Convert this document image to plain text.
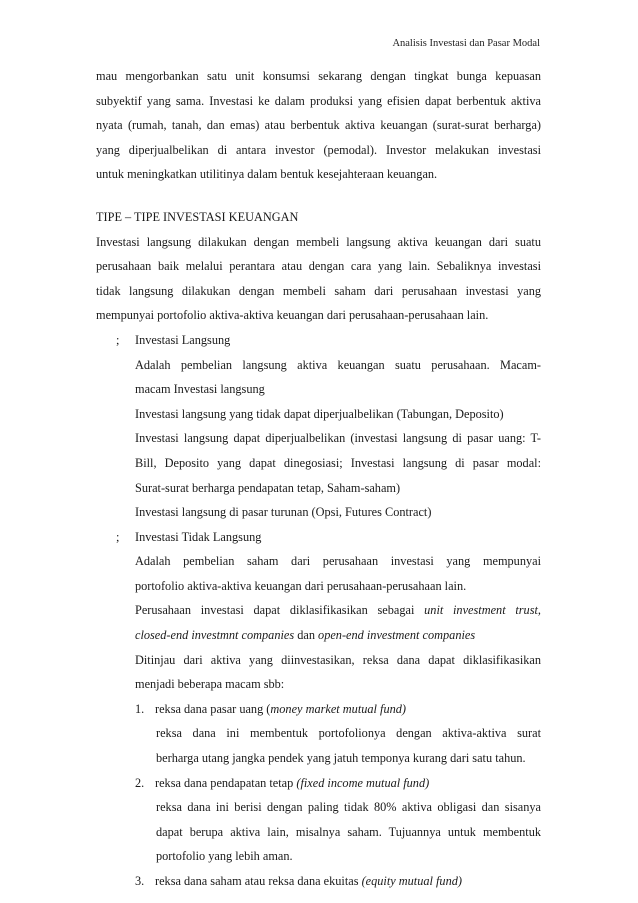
Analisis Investasi dan Pasar Modal
mau mengorbankan satu unit konsumsi sekarang dengan tingkat bunga kepuasan
subyektif yang sama. Investasi ke dalam produksi yang efisien dapat berbentuk aktiva
nyata (rumah, tanah, dan emas) atau berbentuk aktiva keuangan (surat-surat berharga)
yang diperjualbelikan di antara investor (pemodal). Investor melakukan investasi
untuk meningkatkan utilitinya dalam bentuk kesejahteraan keuangan.
TIPE – TIPE INVESTASI KEUANGAN
Investasi langsung dilakukan dengan membeli langsung aktiva keuangan dari suatu
perusahaan baik melalui perantara atau dengan cara yang lain. Sebaliknya investasi
tidak langsung dilakukan dengan membeli saham dari perusahaan investasi yang
mempunyai portofolio aktiva-aktiva keuangan dari perusahaan-perusahaan lain.
;	Investasi Langsung
Adalah pembelian langsung aktiva keuangan suatu perusahaan. Macam-
macam Investasi langsung
Investasi langsung yang tidak dapat diperjualbelikan (Tabungan, Deposito)
Investasi langsung dapat diperjualbelikan (investasi langsung di pasar uang: T-
Bill, Deposito yang dapat dinegosiasi; Investasi langsung di pasar modal:
Surat-surat berharga pendapatan tetap, Saham-saham)
Investasi langsung di pasar turunan (Opsi, Futures Contract)
;	Investasi Tidak Langsung
Adalah pembelian saham dari perusahaan investasi yang mempunyai
portofolio aktiva-aktiva keuangan dari perusahaan-perusahaan lain.
Perusahaan investasi dapat diklasifikasikan sebagai unit investment trust,
closed-end investmnt companies dan open-end investment companies
Ditinjau dari aktiva yang diinvestasikan, reksa dana dapat diklasifikasikan
menjadi beberapa macam sbb:
1. reksa dana pasar uang (money market mutual fund)
reksa dana ini membentuk portofolionya dengan aktiva-aktiva surat
berharga utang jangka pendek yang jatuh temponya kurang dari satu tahun.
2. reksa dana pendapatan tetap (fixed income mutual fund)
reksa dana ini berisi dengan paling tidak 80% aktiva obligasi dan sisanya
dapat berupa aktiva lain, misalnya saham. Tujuannya untuk membentuk
portofolio yang lebih aman.
3. reksa dana saham atau reksa dana ekuitas (equity mutual fund)
